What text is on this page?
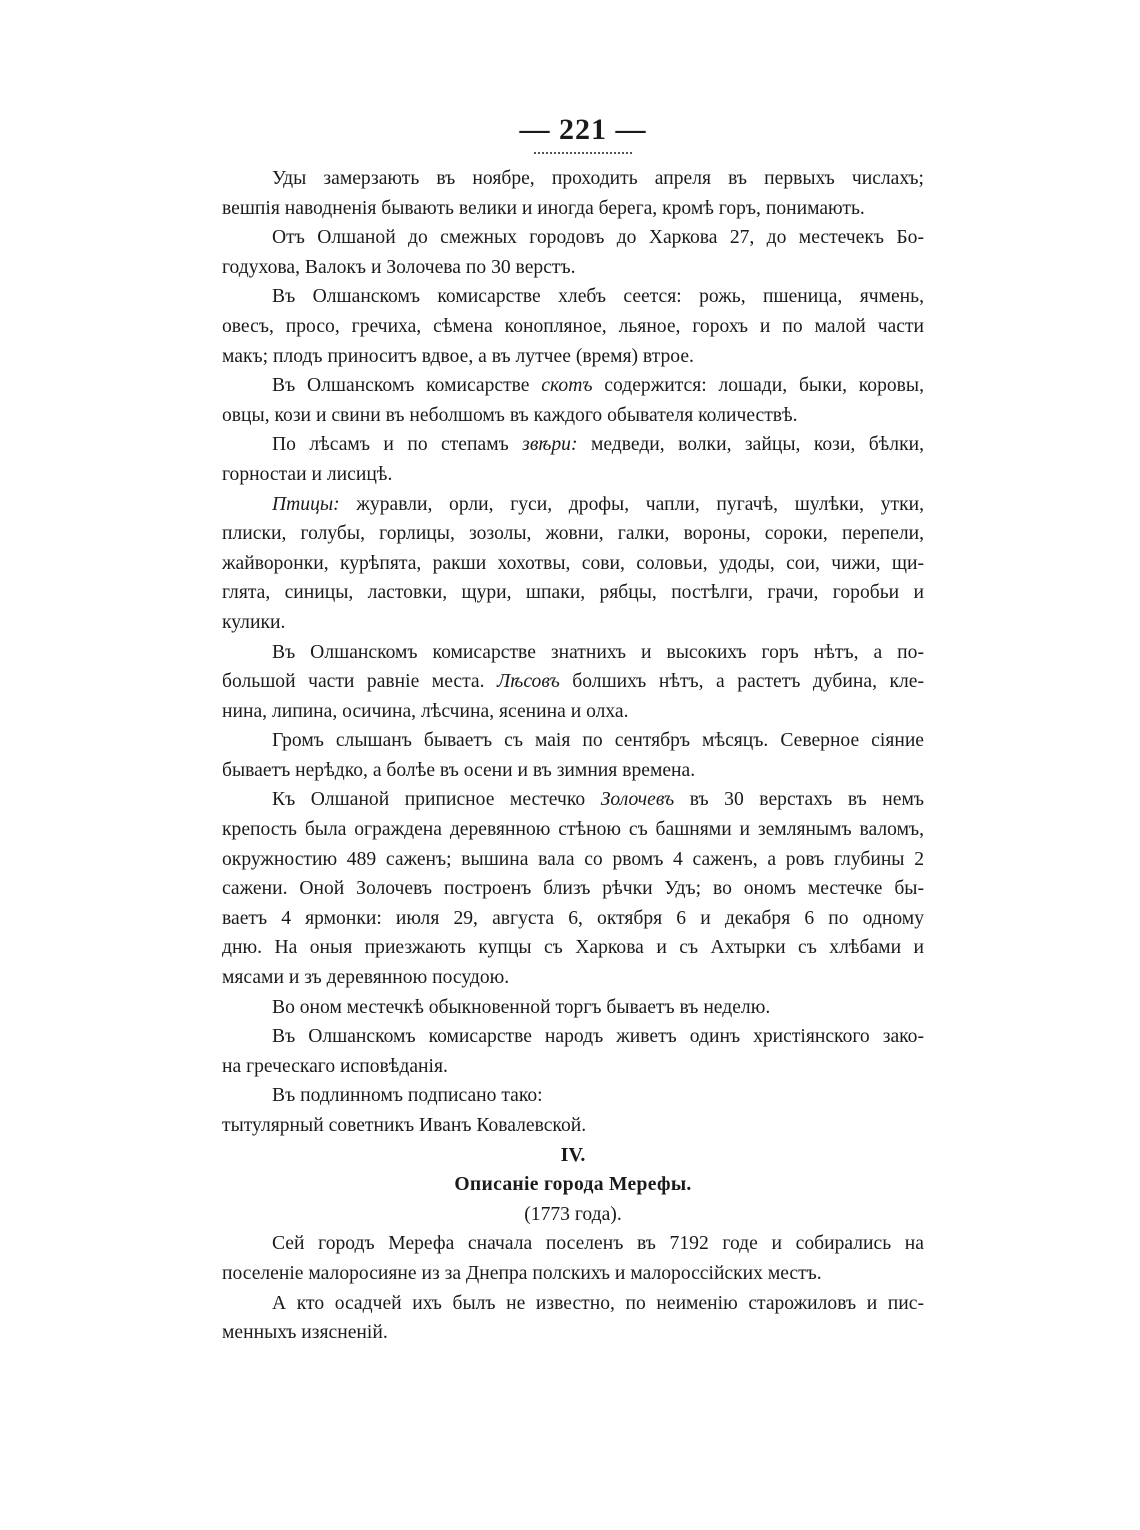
— 221 —

Уды замерзають въ ноябре, проходить апреля въ первыхъ числахъ;
вешпія наводненія бывають велики и иногда берега, кромѣ горъ, понимають.

Отъ Олшаной до смежных городовъ до Харкова 27, до местечекъ Бо-
годухова, Валокъ и Золочева по 30 верстъ.

Въ Олшанскомъ комисарстве хлебъ сеется: рожь, пшеница, ячмень,
овесъ, просо, гречиха, сѣмена конопляное, льяное, горохъ и по малой части
макъ; плодъ приноситъ вдвое, а въ лутчее (время) втрое.

Въ Олшанскомъ комисарстве скотъ содержится: лошади, быки, коровы,
овцы, кози и свини въ неболшомъ въ каждого обывателя количествѣ.

По лѣсамъ и по степамъ звѣри: медведи, волки, зайцы, кози, бѣлки,
горностаи и лисицѣ.

Птицы: журавли, орли, гуси, дрофы, чапли, пугачѣ, шулѣки, утки,
плиски, голубы, горлицы, зозолы, жовни, галки, вороны, сороки, перепели,
жайворонки, курѣпята, ракши хохотвы, сови, соловьи, удоды, сои, чижи, щи-
глята, синицы, ластовки, щури, шпаки, рябцы, постѣлги, грачи, горобьи и
кулики.

Въ Олшанскомъ комисарстве знатнихъ и высокихъ горъ нѣтъ, а по-
большой части равніе места. Лѣсовъ болшихъ нѣтъ, а растетъ дубина, кле-
нина, липина, осичина, лѣсчина, ясенина и олха.

Громъ слышанъ бываетъ съ маія по сентябръ мѣсяцъ. Северное сіяние
бываетъ нерѣдко, а болѣе въ осени и въ зимния времена.

Къ Олшаной приписное местечко Золочевъ въ 30 верстахъ въ немъ
крепость была ограждена деревянною стѣною съ башнями и землянымъ валомъ,
окружностию 489 саженъ; вышина вала со рвомъ 4 саженъ, а ровъ глубины 2
сажени. Оной Золочевъ построенъ близъ рѣчки Удъ; во ономъ местечке бы-
ваетъ 4 ярмонки: июля 29, августа 6, октября 6 и декабря 6 по одному
дню. На оныя приезжають купцы съ Харкова и съ Ахтырки съ хлѣбами и
мясами и зъ деревянною посудою.

Во оном местечкѣ обыкновенной торгъ бываетъ въ неделю.

Въ Олшанскомъ комисарстве народъ живетъ одинъ христіянского зако-
на греческаго исповѣданія.

Въ подлинномъ подписано тако:
тытулярный советникъ Иванъ Ковалевской.

IV.

Описаніе города Мерефы.

(1773 года).

Сей городъ Мерефа сначала поселенъ въ 7192 годе и собирались на
поселеніе малоросияне из за Днепра полскихъ и малороссійских местъ.

А кто осадчей ихъ былъ не известно, по неименію старожиловъ и пис-
менныхъ изясненій.
